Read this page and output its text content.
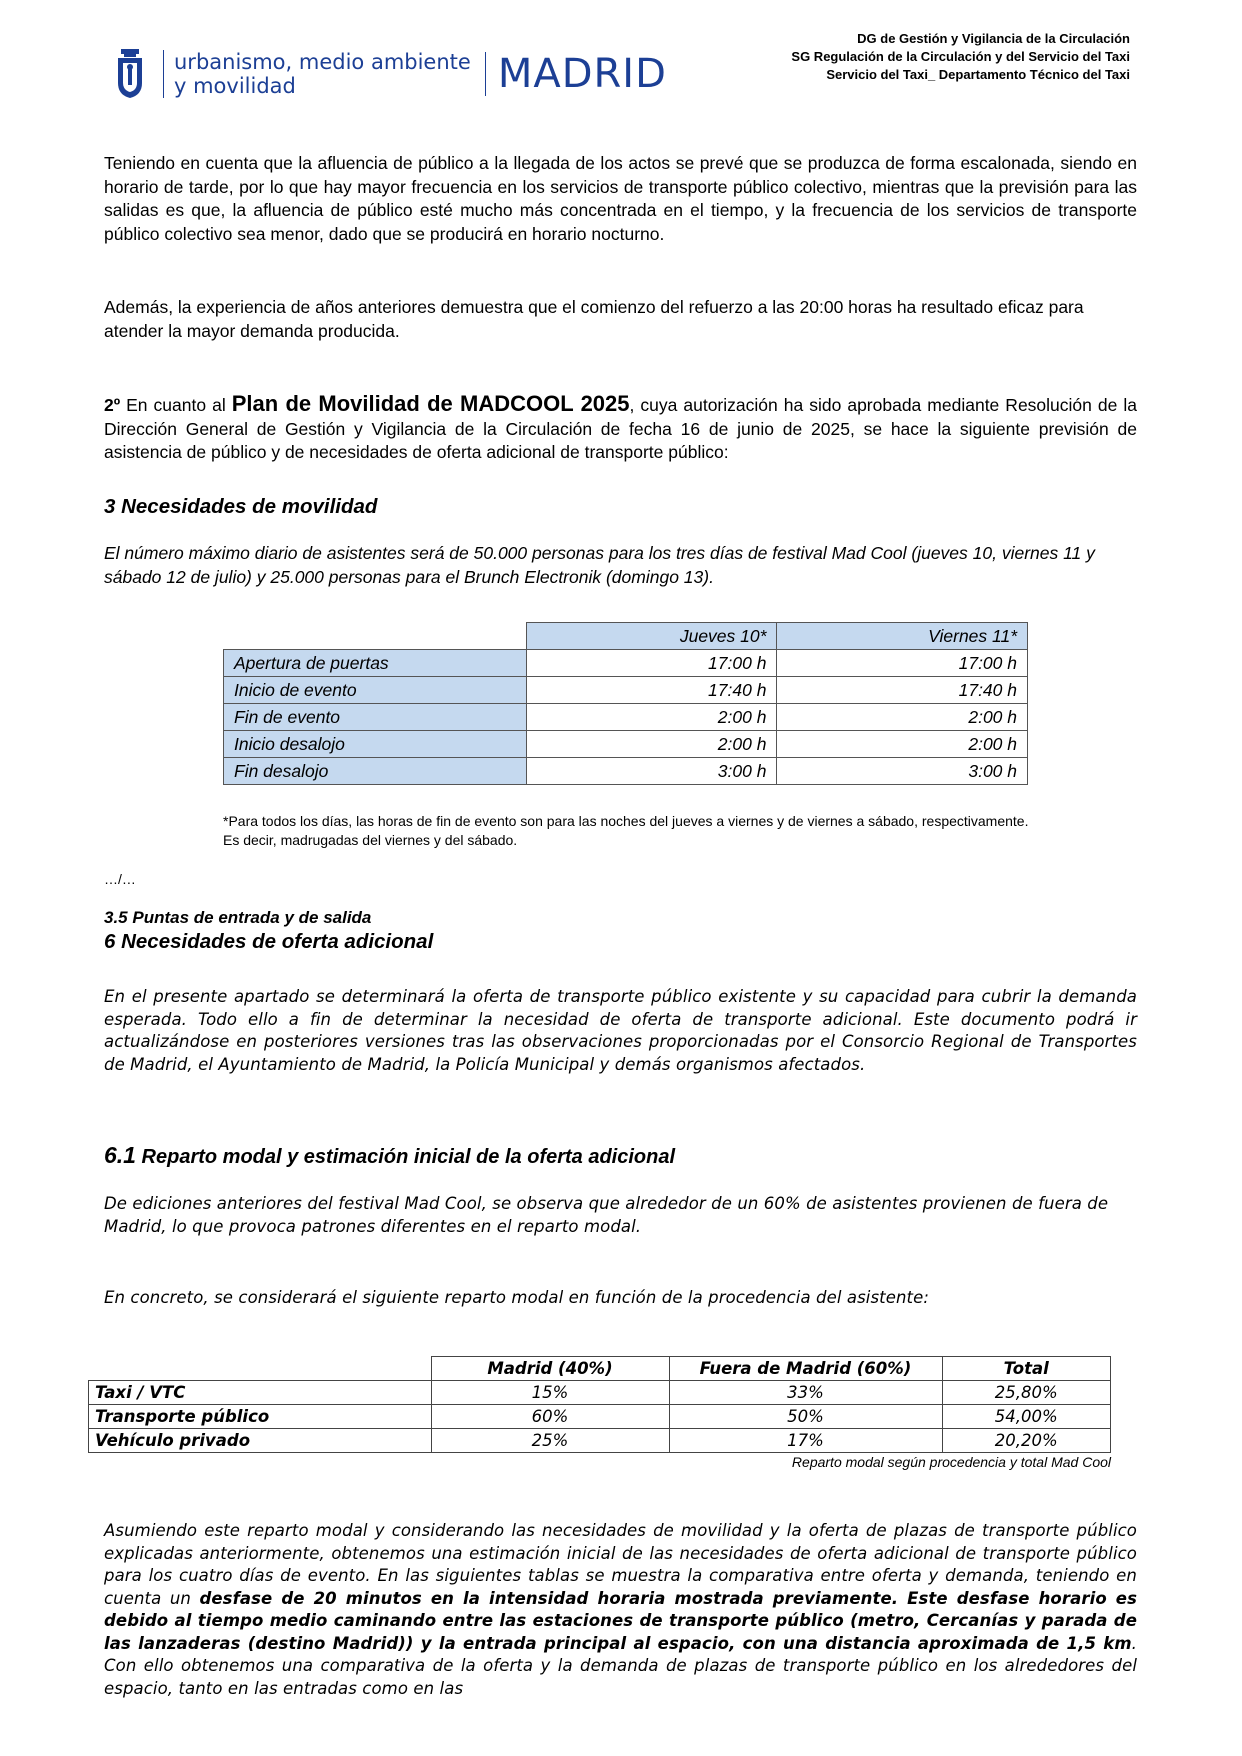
urbanismo, medio ambiente
y movilidad	MADRID
DG de Gestión y Vigilancia de la Circulación
SG Regulación de la Circulación y del Servicio del Taxi
Servicio del Taxi_ Departamento Técnico del Taxi
Teniendo en cuenta que la afluencia de público a la llegada de los actos se prevé que se produzca de forma escalonada, siendo en horario de tarde, por lo que hay mayor frecuencia en los servicios de transporte público colectivo, mientras que la previsión para las salidas es que, la afluencia de público esté mucho más concentrada en el tiempo, y la frecuencia de los servicios de transporte público colectivo sea menor, dado que se producirá en horario nocturno.
Además, la experiencia de años anteriores demuestra que el comienzo del refuerzo a las 20:00 horas ha resultado eficaz para atender la mayor demanda producida.
2º En cuanto al Plan de Movilidad de MADCOOL 2025, cuya autorización ha sido aprobada mediante Resolución de la Dirección General de Gestión y Vigilancia de la Circulación de fecha 16 de junio de 2025, se hace la siguiente previsión de asistencia de público y de necesidades de oferta adicional de transporte público:
3 Necesidades de movilidad
El número máximo diario de asistentes será de 50.000 personas para los tres días de festival Mad Cool (jueves 10, viernes 11 y sábado 12 de julio) y 25.000 personas para el Brunch Electronik (domingo 13).
	Jueves 10*	Viernes 11*
Apertura de puertas	17:00 h	17:00 h
Inicio de evento	17:40 h	17:40 h
Fin de evento	2:00 h	2:00 h
Inicio desalojo	2:00 h	2:00 h
Fin desalojo	3:00 h	3:00 h
*Para todos los días, las horas de fin de evento son para las noches del jueves a viernes y de viernes a sábado, respectivamente. Es decir, madrugadas del viernes y del sábado.
…/…
3.5 Puntas de entrada y de salida
6 Necesidades de oferta adicional
En el presente apartado se determinará la oferta de transporte público existente y su capacidad para cubrir la demanda esperada. Todo ello a fin de determinar la necesidad de oferta de transporte adicional. Este documento podrá ir actualizándose en posteriores versiones tras las observaciones proporcionadas por el Consorcio Regional de Transportes de Madrid, el Ayuntamiento de Madrid, la Policía Municipal y demás organismos afectados.
6.1 Reparto modal y estimación inicial de la oferta adicional
De ediciones anteriores del festival Mad Cool, se observa que alrededor de un 60% de asistentes provienen de fuera de Madrid, lo que provoca patrones diferentes en el reparto modal.
En concreto, se considerará el siguiente reparto modal en función de la procedencia del asistente:
	Madrid (40%)	Fuera de Madrid (60%)	Total
Taxi / VTC	15%	33%	25,80%
Transporte público	60%	50%	54,00%
Vehículo privado	25%	17%	20,20%
Reparto modal según procedencia y total Mad Cool
Asumiendo este reparto modal y considerando las necesidades de movilidad y la oferta de plazas de transporte público explicadas anteriormente, obtenemos una estimación inicial de las necesidades de oferta adicional de transporte público para los cuatro días de evento. En las siguientes tablas se muestra la comparativa entre oferta y demanda, teniendo en cuenta un desfase de 20 minutos en la intensidad horaria mostrada previamente. Este desfase horario es debido al tiempo medio caminando entre las estaciones de transporte público (metro, Cercanías y parada de las lanzaderas (destino Madrid)) y la entrada principal al espacio, con una distancia aproximada de 1,5 km. Con ello obtenemos una comparativa de la oferta y la demanda de plazas de transporte público en los alrededores del espacio, tanto en las entradas como en las
